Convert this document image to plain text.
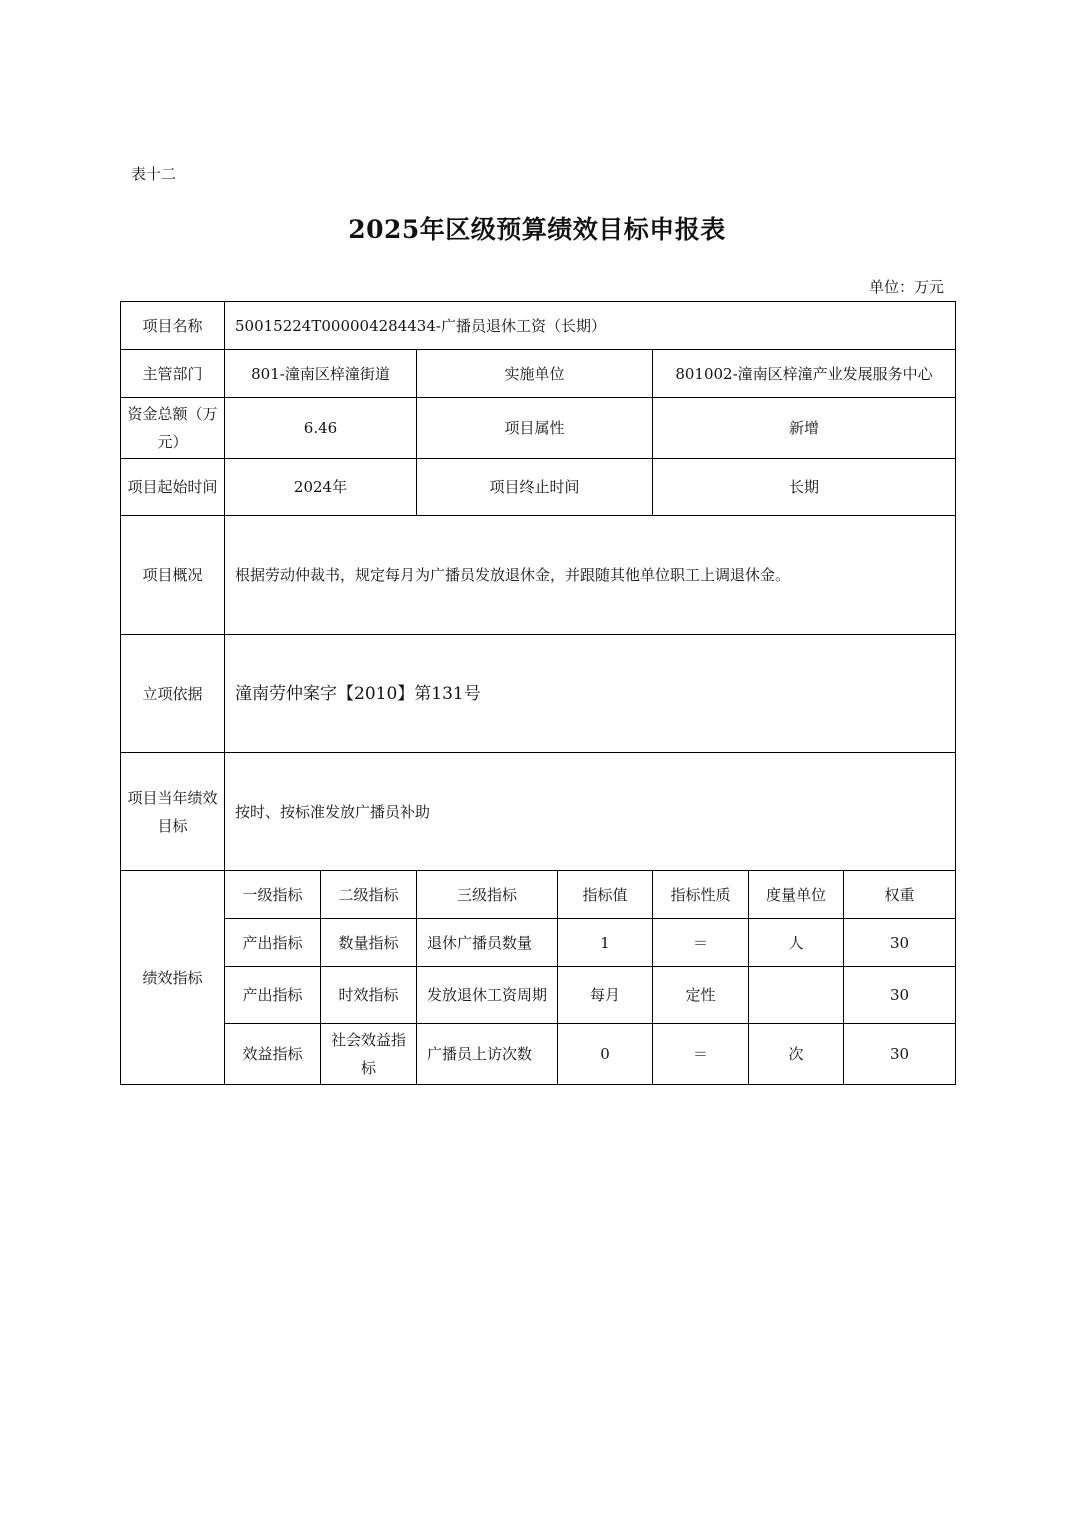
表十二
2025年区级预算绩效目标申报表
单位：万元
项目名称	50015224T000004284434-广播员退休工资（长期）						
主管部门	801-潼南区梓潼街道		实施单位		801002-潼南区梓潼产业发展服务中心		
资金总额（万元）	6.46		项目属性		新增		
项目起始时间	2024年		项目终止时间		长期		
项目概况	根据劳动仲裁书，规定每月为广播员发放退休金，并跟随其他单位职工上调退休金。						
立项依据	潼南劳仲案字【2010】第131号						
项目当年绩效目标	按时、按标准发放广播员补助						
绩效指标	一级指标	二级指标	三级指标	指标值	指标性质	度量单位	权重
	产出指标	数量指标	退休广播员数量	1	＝	人	30
	产出指标	时效指标	发放退休工资周期	每月	定性		30
	效益指标	社会效益指标	广播员上访次数	0	＝	次	30
